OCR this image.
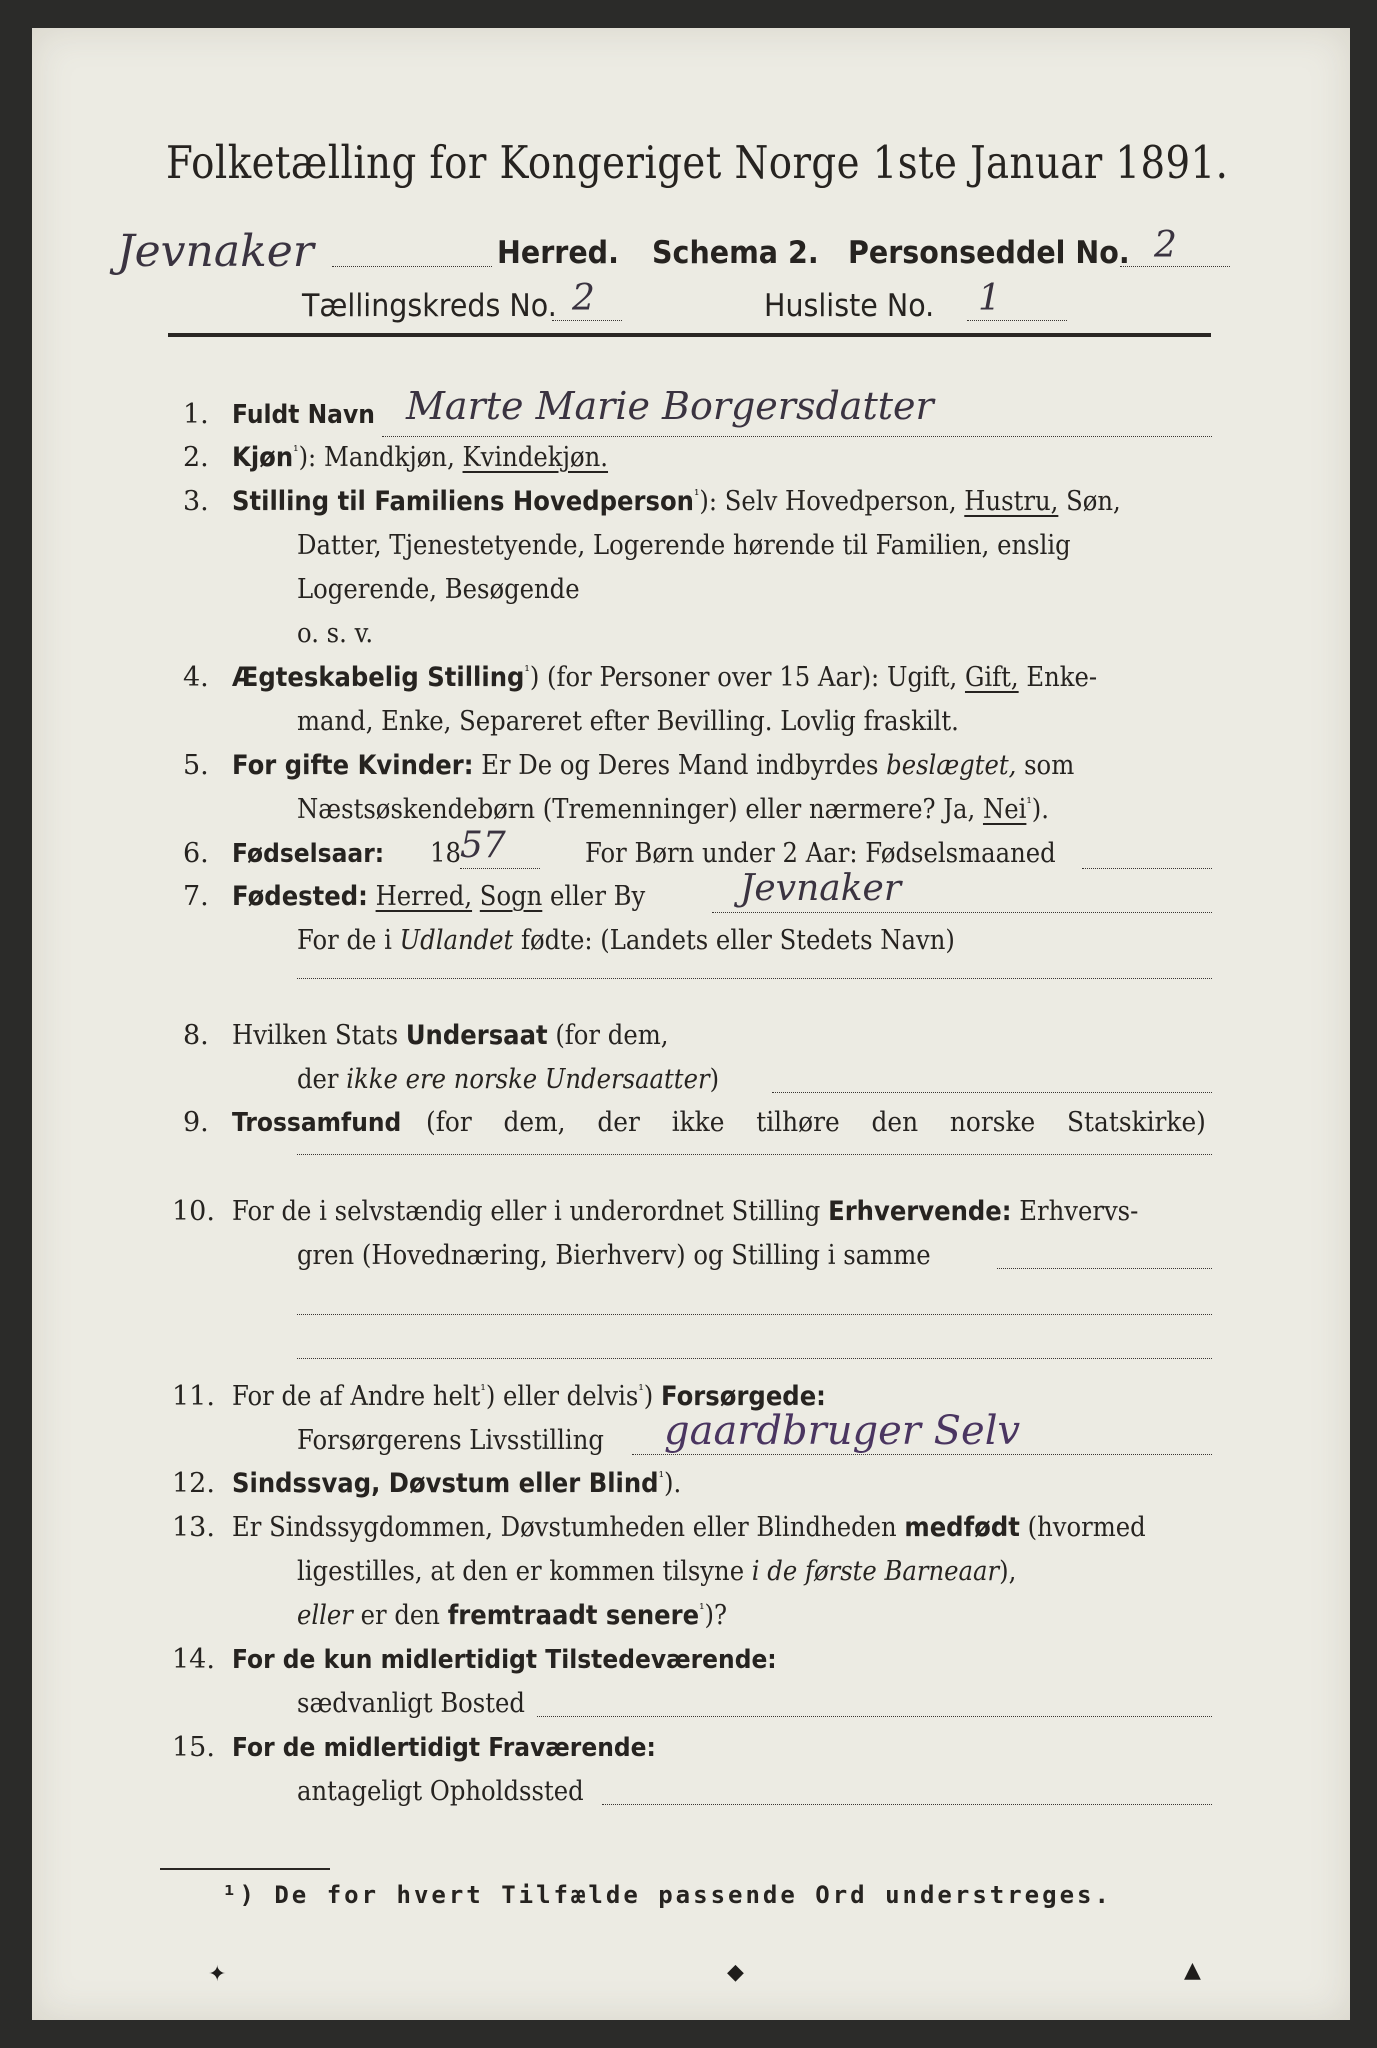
Folketælling for Kongeriget Norge 1ste Januar 1891.
Jevnaker	Herred. Schema 2. Personseddel No. 2
Tællingskreds No. 2	Husliste No. 1
1. Fuldt Navn Marte Marie Borgersdatter
2. Kjøn$^{^1}$): Mandkjøn, Kvindekjøn.
3. Stilling til Familiens Hovedperson$^{^1}$): Selv Hovedperson, Hustru, Søn,
Datter, Tjenestetyende, Logerende hørende til Familien, enslig
Logerende, Besøgende
o. s. v.
4. Ægteskabelig Stilling$^{^1}$) (for Personer over 15 Aar): Ugift, Gift, Enke-
mand, Enke, Separeret efter Bevilling. Lovlig fraskilt.
5. For gifte Kvinder: Er De og Deres Mand indbyrdes beslægtet, som
Næstsøskendebørn (Tremenninger) eller nærmere? Ja, Nei$^{^1}$).
6. Fødselsaar: 18 57	For Børn under 2 Aar: Fødselsmaaned
7. Fødested: Herred, Sogn eller By	Jevnaker
For de i Udlandet fødte: (Landets eller Stedets Navn)
8. Hvilken Stats Undersaat (for dem,
der ikke ere norske Undersaatter)
9. Trossamfund (for dem, der ikke tilhøre den norske Statskirke)
10. For de i selvstændig eller i underordnet Stilling Erhvervende: Erhvervs-
gren (Hovednæring, Bierhverv) og Stilling i samme
11. For de af Andre helt$^{^1}$) eller delvis$^{^1}$) Forsørgede:
Forsørgerens Livsstilling gaardbruger Selv
12. Sindssvag, Døvstum eller Blind$^{^1}$).
13. Er Sindssygdommen, Døvstumheden eller Blindheden medfødt (hvormed
ligestilles, at den er kommen tilsyne i de første Barneaar),
eller er den fremtraadt senere$^{^1}$)?
14. For de kun midlertidigt Tilstedeværende:
sædvanligt Bosted
15. For de midlertidigt Fraværende:
antageligt Opholdssted
¹) De for hvert Tilfælde passende Ord understreges.
✦	◆	▲
